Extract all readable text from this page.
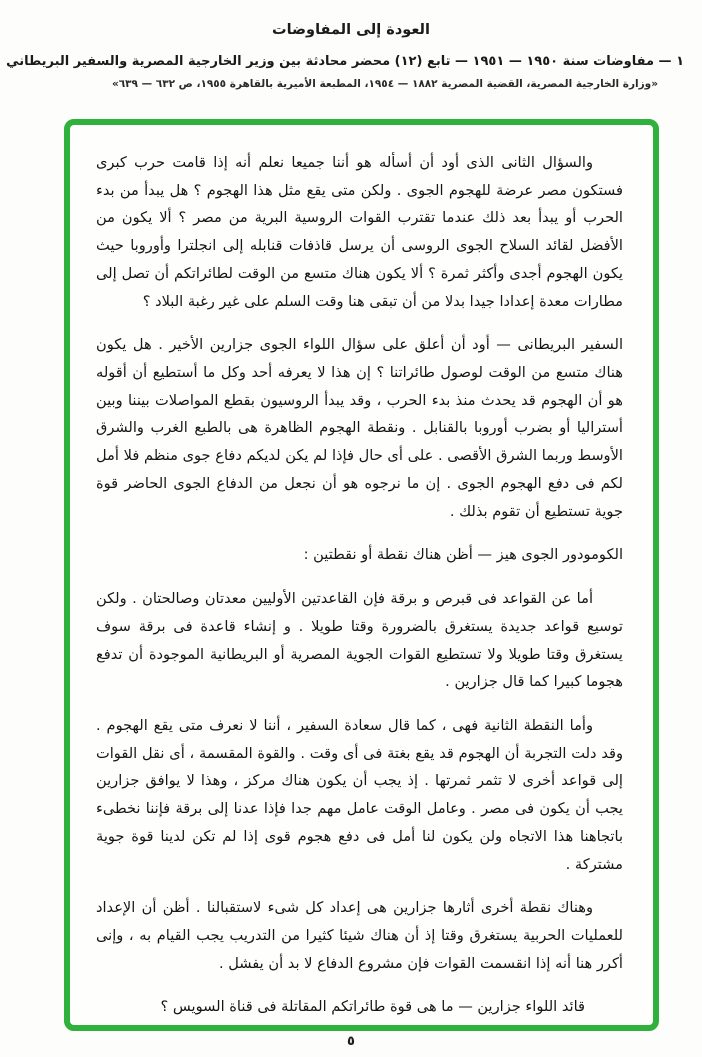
العودة إلى المفاوضات
١ — مفاوضات سنة ١٩٥٠ — ١٩٥١ — تابع (١٢) محضر محادثة بين وزير الخارجية المصرية والسفير البريطاني
«وزارة الخارجية المصرية، القضية المصرية ١٨٨٢ — ١٩٥٤، المطبعة الأميرية بالقاهرة ١٩٥٥، ص ٦٣٢ — ٦٣٩»
والسؤال الثانى الذى أود أن أسأله هو أننا جميعا نعلم أنه إذا قامت حرب كبرى فستكون مصر عرضة للهجوم الجوى . ولكن متى يقع مثل هذا الهجوم ؟ هل يبدأ من بدء الحرب أو يبدأ بعد ذلك عندما تقترب القوات الروسية البرية من مصر ؟ ألا يكون من الأفضل لقائد السلاح الجوى الروسى أن يرسل قاذفات قنابله إلى انجلترا وأوروبا حيث يكون الهجوم أجدى وأكثر ثمرة ؟ ألا يكون هناك متسع من الوقت لطائراتكم أن تصل إلى مطارات معدة إعدادا جيدا بدلا من أن تبقى هنا وقت السلم على غير رغبة البلاد ؟
السفير البريطانى — أود أن أعلق على سؤال اللواء الجوى جزارين الأخير . هل يكون هناك متسع من الوقت لوصول طائراتنا ؟ إن هذا لا يعرفه أحد وكل ما أستطيع أن أقوله هو أن الهجوم قد يحدث منذ بدء الحرب ، وقد يبدأ الروسيون بقطع المواصلات بيننا وبين أستراليا أو بضرب أوروبا بالقنابل . ونقطة الهجوم الظاهرة هى بالطبع الغرب والشرق الأوسط وربما الشرق الأقصى . على أى حال فإذا لم يكن لديكم دفاع جوى منظم فلا أمل لكم فى دفع الهجوم الجوى . إن ما نرجوه هو أن نجعل من الدفاع الجوى الحاضر قوة جوية تستطيع أن تقوم بذلك .
الكومودور الجوى هيز — أظن هناك نقطة أو نقطتين :
أما عن القواعد فى قبرص و برقة فإن القاعدتين الأوليين معدتان وصالحتان . ولكن توسيع قواعد جديدة يستغرق بالضرورة وقتا طويلا . و إنشاء قاعدة فى برقة سوف يستغرق وقتا طويلا ولا تستطيع القوات الجوية المصرية أو البريطانية الموجودة أن تدفع هجوما كبيرا كما قال جزارين .
وأما النقطة الثانية فهى ، كما قال سعادة السفير ، أننا لا نعرف متى يقع الهجوم . وقد دلت التجربة أن الهجوم قد يقع بغتة فى أى وقت . والقوة المقسمة ، أى نقل القوات إلى قواعد أخرى لا تثمر ثمرتها . إذ يجب أن يكون هناك مركز ، وهذا لا يوافق جزارين يجب أن يكون فى مصر . وعامل الوقت عامل مهم جدا فإذا عدنا إلى برقة فإننا نخطىء باتجاهنا هذا الاتجاه ولن يكون لنا أمل فى دفع هجوم قوى إذا لم تكن لدينا قوة جوية مشتركة .
وهناك نقطة أخرى أثارها جزارين هى إعداد كل شىء لاستقبالنا . أظن أن الإعداد للعمليات الحربية يستغرق وقتا إذ أن هناك شيئا كثيرا من التدريب يجب القيام به ، وإنى أكرر هنا أنه إذا انقسمت القوات فإن مشروع الدفاع لا بد أن يفشل .
قائد اللواء جزارين — ما هى قوة طائراتكم المقاتلة فى قناة السويس ؟
٥
